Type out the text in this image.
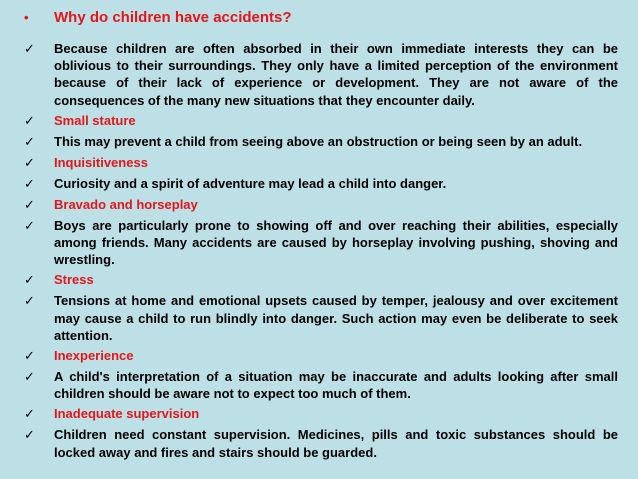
•	Why do children have accidents?
✓	Because children are often absorbed in their own immediate interests they can be oblivious to their surroundings. They only have a limited perception of the environment because of their lack of experience or development. They are not aware of the consequences of the many new situations that they encounter daily.
✓	Small stature
✓	This may prevent a child from seeing above an obstruction or being seen by an adult.
✓	Inquisitiveness
✓	Curiosity and a spirit of adventure may lead a child into danger.
✓	Bravado and horseplay
✓	Boys are particularly prone to showing off and over reaching their abilities, especially among friends. Many accidents are caused by horseplay involving pushing, shoving and wrestling.
✓	Stress
✓	Tensions at home and emotional upsets caused by temper, jealousy and over excitement may cause a child to run blindly into danger. Such action may even be deliberate to seek attention.
✓	Inexperience
✓	A child's interpretation of a situation may be inaccurate and adults looking after small children should be aware not to expect too much of them.
✓	Inadequate supervision
✓	Children need constant supervision. Medicines, pills and toxic substances should be locked away and fires and stairs should be guarded.
